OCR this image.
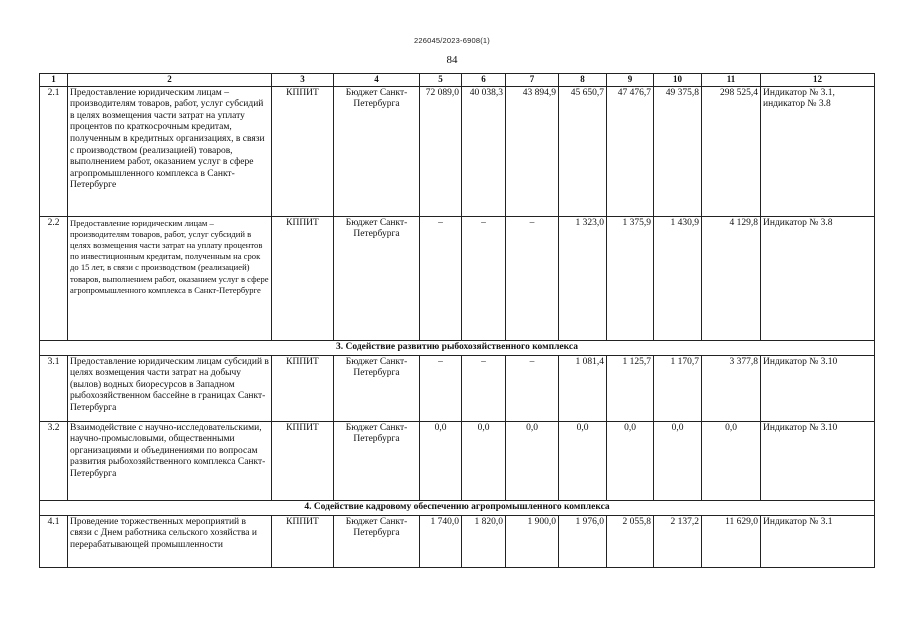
226045/2023-6908(1)
84
1	2	3	4	5	6	7	8	9	10	11	12
2.1	Предоставление юридическим лицам – производителям товаров, работ, услуг субсидий в целях возмещения части затрат на уплату процентов по краткосрочным кредитам, полученным в кредитных организациях, в связи с производством (реализацией) товаров, выполнением работ, оказанием услуг в сфере агропромышленного комплекса в Санкт-Петербурге	КППИТ	Бюджет Санкт-Петербурга	72 089,0	40 038,3	43 894,9	45 650,7	47 476,7	49 375,8	298 525,4	Индикатор № 3.1, индикатор № 3.8
2.2	Предоставление юридическим лицам – производителям товаров, работ, услуг субсидий в целях возмещения части затрат на уплату процентов по инвестиционным кредитам, полученным на срок до 15 лет, в связи с производством (реализацией) товаров, выполнением работ, оказанием услуг в сфере агропромышленного комплекса в Санкт-Петербурге	КППИТ	Бюджет Санкт-Петербурга	–	–	–	1 323,0	1 375,9	1 430,9	4 129,8	Индикатор № 3.8
3. Содействие развитию рыбохозяйственного комплекса											
3.1	Предоставление юридическим лицам субсидий в целях возмещения части затрат на добычу (вылов) водных биоресурсов в Западном рыбохозяйственном бассейне в границах Санкт-Петербурга	КППИТ	Бюджет Санкт-Петербурга	–	–	–	1 081,4	1 125,7	1 170,7	3 377,8	Индикатор № 3.10
3.2	Взаимодействие с научно-исследовательскими, научно-промысловыми, общественными организациями и объединениями по вопросам развития рыбохозяйственного комплекса Санкт-Петербурга	КППИТ	Бюджет Санкт-Петербурга	0,0	0,0	0,0	0,0	0,0	0,0	0,0	Индикатор № 3.10
4. Содействие кадровому обеспечению агропромышленного комплекса											
4.1	Проведение торжественных мероприятий в связи с Днем работника сельского хозяйства и перерабатывающей промышленности	КППИТ	Бюджет Санкт-Петербурга	1 740,0	1 820,0	1 900,0	1 976,0	2 055,8	2 137,2	11 629,0	Индикатор № 3.1
